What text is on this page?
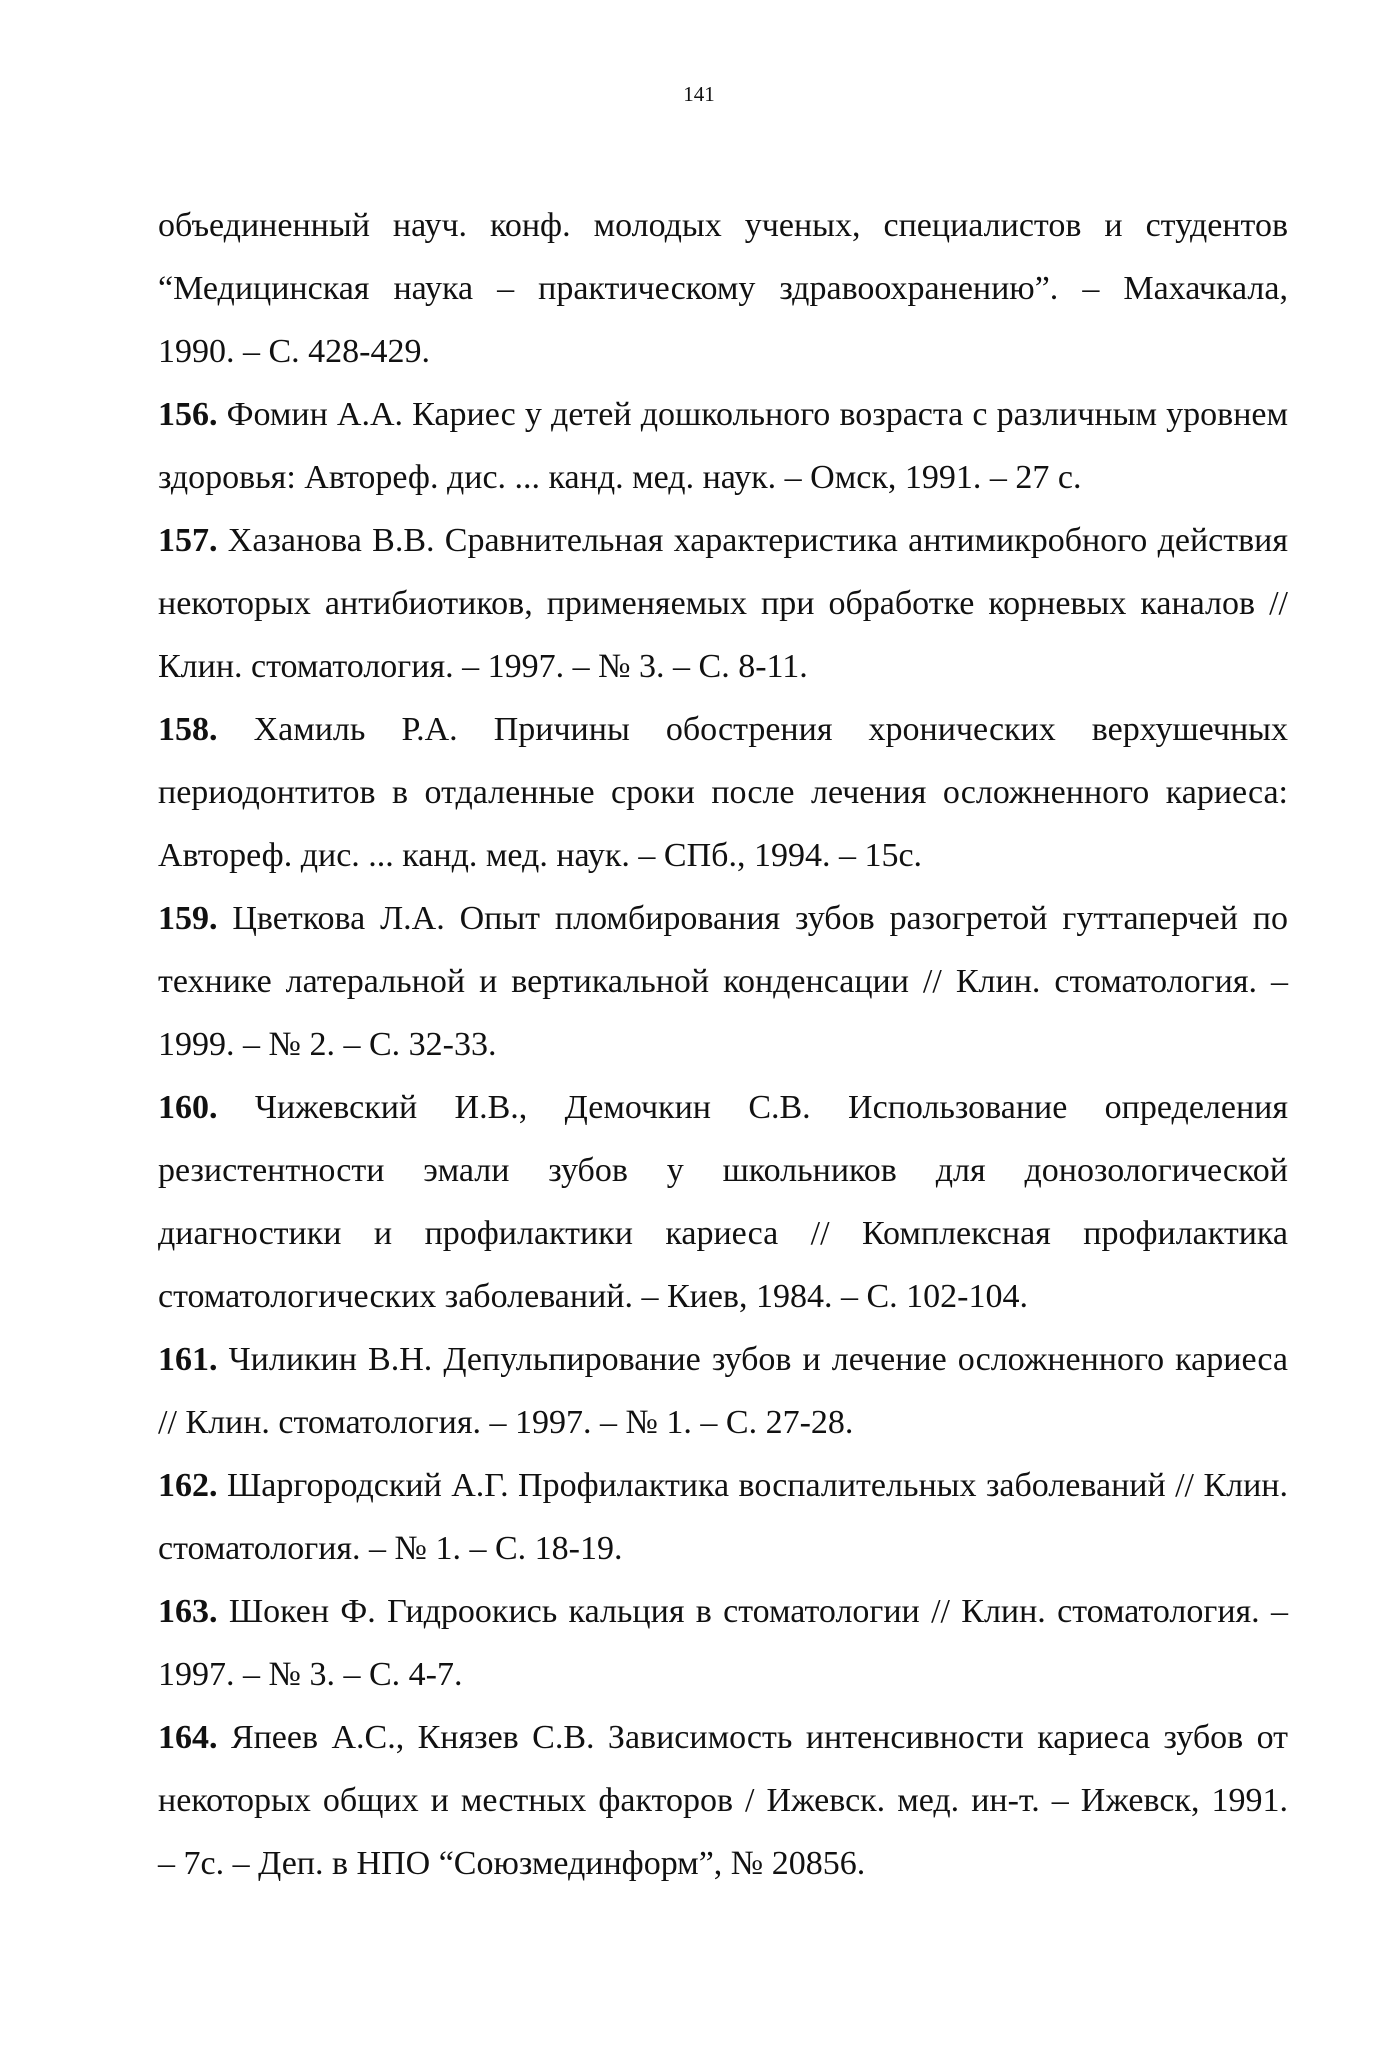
141
объединенный науч. конф. молодых ученых, специалистов и студентов
“Медицинская наука – практическому здравоохранению”. – Махачкала,
1990. – С. 428-429.
156. Фомин А.А. Кариес у детей дошкольного возраста с различным уровнем
здоровья: Автореф. дис. ... канд. мед. наук. – Омск, 1991. – 27 с.
157. Хазанова В.В. Сравнительная характеристика антимикробного действия
некоторых антибиотиков, применяемых при обработке корневых каналов //
Клин. стоматология. – 1997. – № 3. – С. 8-11.
158. Хамиль Р.А. Причины обострения хронических верхушечных
периодонтитов в отдаленные сроки после лечения осложненного кариеса:
Автореф. дис. ... канд. мед. наук. – СПб., 1994. – 15с.
159. Цветкова Л.А. Опыт пломбирования зубов разогретой гуттаперчей по
технике латеральной и вертикальной конденсации // Клин. стоматология. –
1999. – № 2. – С. 32-33.
160. Чижевский И.В., Демочкин С.В. Использование определения
резистентности эмали зубов у школьников для донозологической
диагностики и профилактики кариеса // Комплексная профилактика
стоматологических заболеваний. – Киев, 1984. – С. 102-104.
161. Чиликин В.Н. Депульпирование зубов и лечение осложненного кариеса
// Клин. стоматология. – 1997. – № 1. – С. 27-28.
162. Шаргородский А.Г. Профилактика воспалительных заболеваний // Клин.
стоматология. – № 1. – С. 18-19.
163. Шокен Ф. Гидроокись кальция в стоматологии // Клин. стоматология. –
1997. – № 3. – С. 4-7.
164. Япеев А.С., Князев С.В. Зависимость интенсивности кариеса зубов от
некоторых общих и местных факторов / Ижевск. мед. ин-т. – Ижевск, 1991.
– 7с. – Деп. в НПО “Союзмединформ”, № 20856.
